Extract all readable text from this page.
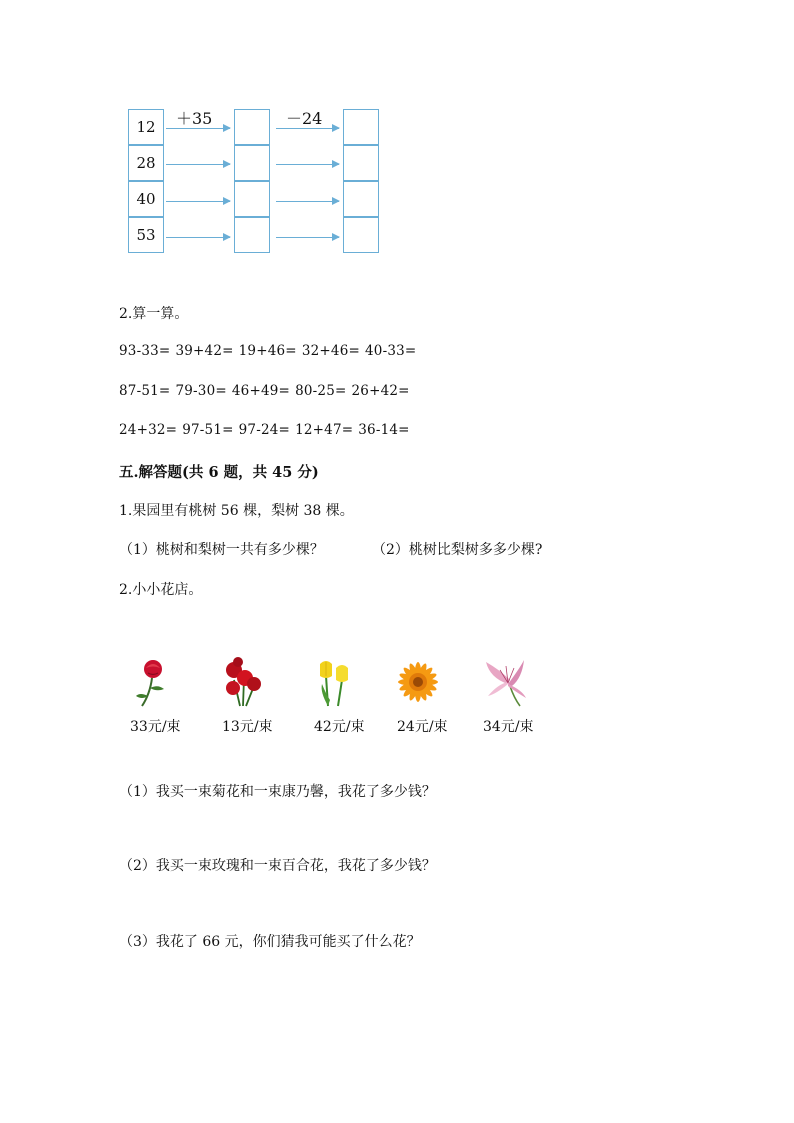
＋35	－24
12
28
40
53
2.算一算。
93-33= 39+42= 19+46= 32+46= 40-33=
87-51= 79-30= 46+49= 80-25= 26+42=
24+32= 97-51= 97-24= 12+47= 36-14=
五.解答题(共 6 题，共 45 分)
1.果园里有桃树 56 棵，梨树 38 棵。
（1）桃树和梨树一共有多少棵？	（2）桃树比梨树多多少棵?
2.小小花店。
33元/束	13元/束	42元/束 24元/束	34元/束
（1）我买一束菊花和一束康乃馨，我花了多少钱？
（2）我买一束玫瑰和一束百合花，我花了多少钱？
（3）我花了 66 元，你们猜我可能买了什么花？
